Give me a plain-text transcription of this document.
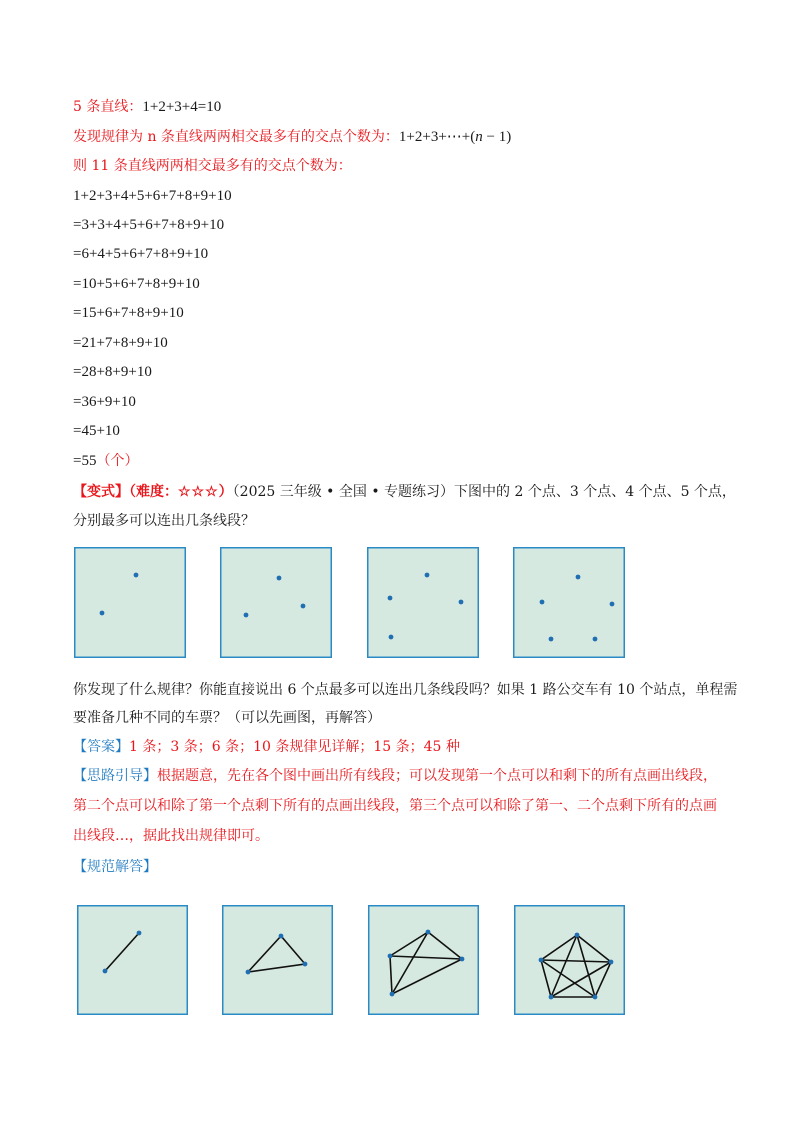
5 条直线：1+2+3+4=10
发现规律为 n 条直线两两相交最多有的交点个数为：1+2+3+⋯+(n − 1)
则 11 条直线两两相交最多有的交点个数为：
1+2+3+4+5+6+7+8+9+10
=3+3+4+5+6+7+8+9+10
=6+4+5+6+7+8+9+10
=10+5+6+7+8+9+10
=15+6+7+8+9+10
=21+7+8+9+10
=28+8+9+10
=36+9+10
=45+10
=55（个）
【变式】（难度：☆☆☆）（2025 三年级 • 全国 • 专题练习）下图中的 2 个点、3 个点、4 个点、5 个点，
分别最多可以连出几条线段？
你发现了什么规律？你能直接说出 6 个点最多可以连出几条线段吗？如果 1 路公交车有 10 个站点，单程需
要准备几种不同的车票？（可以先画图，再解答）
【答案】1 条；3 条；6 条；10 条规律见详解；15 条；45 种
【思路引导】根据题意，先在各个图中画出所有线段；可以发现第一个点可以和剩下的所有点画出线段，
第二个点可以和除了第一个点剩下所有的点画出线段，第三个点可以和除了第一、二个点剩下所有的点画
出线段…，据此找出规律即可。
【规范解答】
